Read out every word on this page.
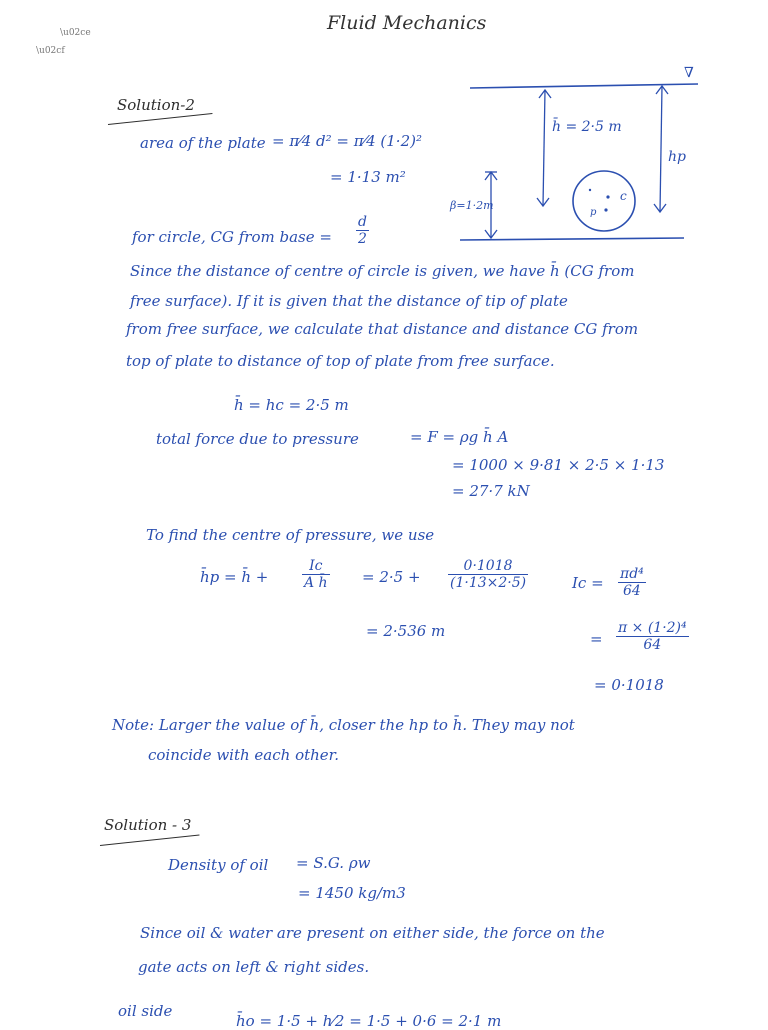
\u02ce
\u02cf
Fluid Mechanics
Solution-2
area of the plate = π⁄4 d² = π⁄4 (1·2)²
= 1·13 m²
for circle, CG from base = $\frac{d}{2}$
h̄ = 2·5 m
hp
β=1·2m
c
p
∇
Since the distance of centre of circle is given, we have h̄ (CG from
free surface). If it is given that the distance of tip of plate
from free surface, we calculate that distance and distance CG from
top of plate to distance of top of plate from free surface.
h̄ = hc = 2·5 m
total force due to pressure	= F = ρg h̄ A
= 1000 × 9·81 × 2·5 × 1·13
= 27·7 kN
To find the centre of pressure, we use
h̄p = h̄ + $\frac{Ic}{\text{A h̄}} = 2\cdot 5 + \frac{0\cdot 1018}{(1\cdot 13\times 2\cdot 5)}$	$Ic = \frac{\text{πd⁴}}{64}$
= 2·536 m	= $\frac{\text{π × (1·2)⁴}}{64}$
= 0·1018
Note: Larger the value of h̄, closer the hp to h̄. They may not
coincide with each other.
Solution - 3
Density of oil = S.G. ρw
= 1450 kg/m3
Since oil & water are present on either side, the force on the
gate acts on left & right sides.
oil side
h̄o = 1·5 + h⁄2 = 1·5 + 0·6 = 2·1 m
